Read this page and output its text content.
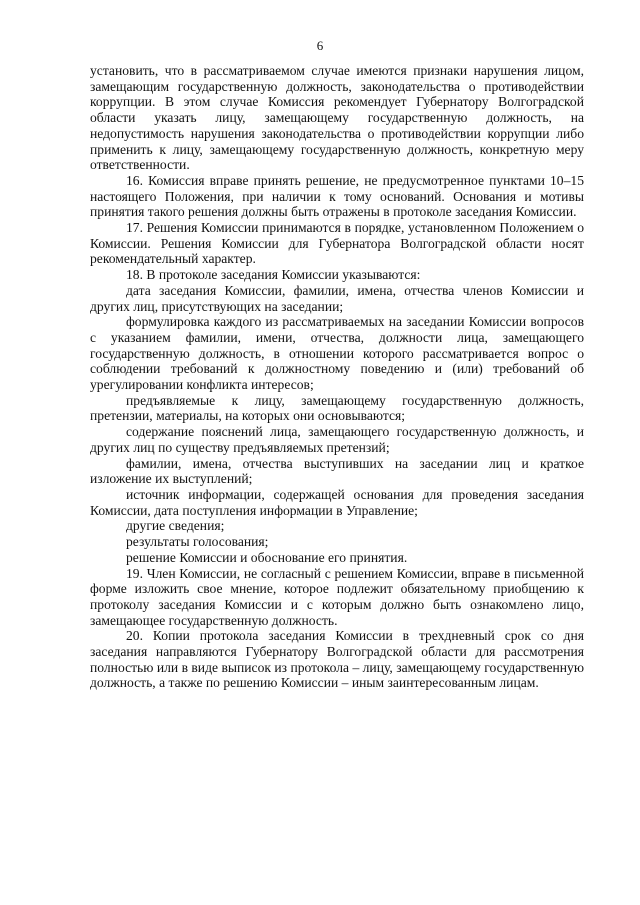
6

установить, что в рассматриваемом случае имеются признаки нарушения лицом, замещающим государственную должность, законодательства о противодействии коррупции. В этом случае Комиссия рекомендует Губернатору Волгоградской области указать лицу, замещающему государственную должность, на недопустимость нарушения законодательства о противодействии коррупции либо применить к лицу, замещающему государственную должность, конкретную меру ответственности.

16. Комиссия вправе принять решение, не предусмотренное пунктами 10–15 настоящего Положения, при наличии к тому оснований. Основания и мотивы принятия такого решения должны быть отражены в протоколе заседания Комиссии.

17. Решения Комиссии принимаются в порядке, установленном Положением о Комиссии. Решения Комиссии для Губернатора Волгоградской области носят рекомендательный характер.

18. В протоколе заседания Комиссии указываются:

дата заседания Комиссии, фамилии, имена, отчества членов Комиссии и других лиц, присутствующих на заседании;

формулировка каждого из рассматриваемых на заседании Комиссии вопросов с указанием фамилии, имени, отчества, должности лица, замещающего государственную должность, в отношении которого рассматривается вопрос о соблюдении требований к должностному поведению и (или) требований об урегулировании конфликта интересов;

предъявляемые к лицу, замещающему государственную должность, претензии, материалы, на которых они основываются;

содержание пояснений лица, замещающего государственную должность, и других лиц по существу предъявляемых претензий;

фамилии, имена, отчества выступивших на заседании лиц и краткое изложение их выступлений;

источник информации, содержащей основания для проведения заседания Комиссии, дата поступления информации в Управление;

другие сведения;

результаты голосования;

решение Комиссии и обоснование его принятия.

19. Член Комиссии, не согласный с решением Комиссии, вправе в письменной форме изложить свое мнение, которое подлежит обязательному приобщению к протоколу заседания Комиссии и с которым должно быть ознакомлено лицо, замещающее государственную должность.

20. Копии протокола заседания Комиссии в трехдневный срок со дня заседания направляются Губернатору Волгоградской области для рассмотрения полностью или в виде выписок из протокола – лицу, замещающему государственную должность, а также по решению Комиссии – иным заинтересованным лицам.
